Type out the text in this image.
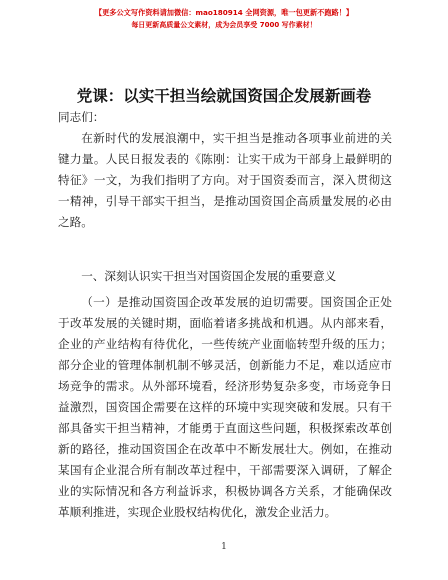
【更多公文写作资料请加微信：mao180914 全网资源，唯一包更新不跑路！】
每日更新高质量公文素材，成为会员享受 7000 写作素材！
党课：以实干担当绘就国资国企发展新画卷
同志们：
在新时代的发展浪潮中，实干担当是推动各项事业前进的关键力量。人民日报发表的《陈刚：让实干成为干部身上最鲜明的特征》一文，为我们指明了方向。对于国资委而言，深入贯彻这一精神，引导干部实干担当，是推动国资国企高质量发展的必由之路。
一、深刻认识实干担当对国资国企发展的重要意义
（一）是推动国资国企改革发展的迫切需要。国资国企正处于改革发展的关键时期，面临着诸多挑战和机遇。从内部来看，企业的产业结构有待优化，一些传统产业面临转型升级的压力；部分企业的管理体制机制不够灵活，创新能力不足，难以适应市场竞争的需求。从外部环境看，经济形势复杂多变，市场竞争日益激烈，国资国企需要在这样的环境中实现突破和发展。只有干部具备实干担当精神，才能勇于直面这些问题，积极探索改革创新的路径，推动国资国企在改革中不断发展壮大。例如，在推动某国有企业混合所有制改革过程中，干部需要深入调研，了解企业的实际情况和各方利益诉求，积极协调各方关系，才能确保改革顺利推进，实现企业股权结构优化，激发企业活力。
1
